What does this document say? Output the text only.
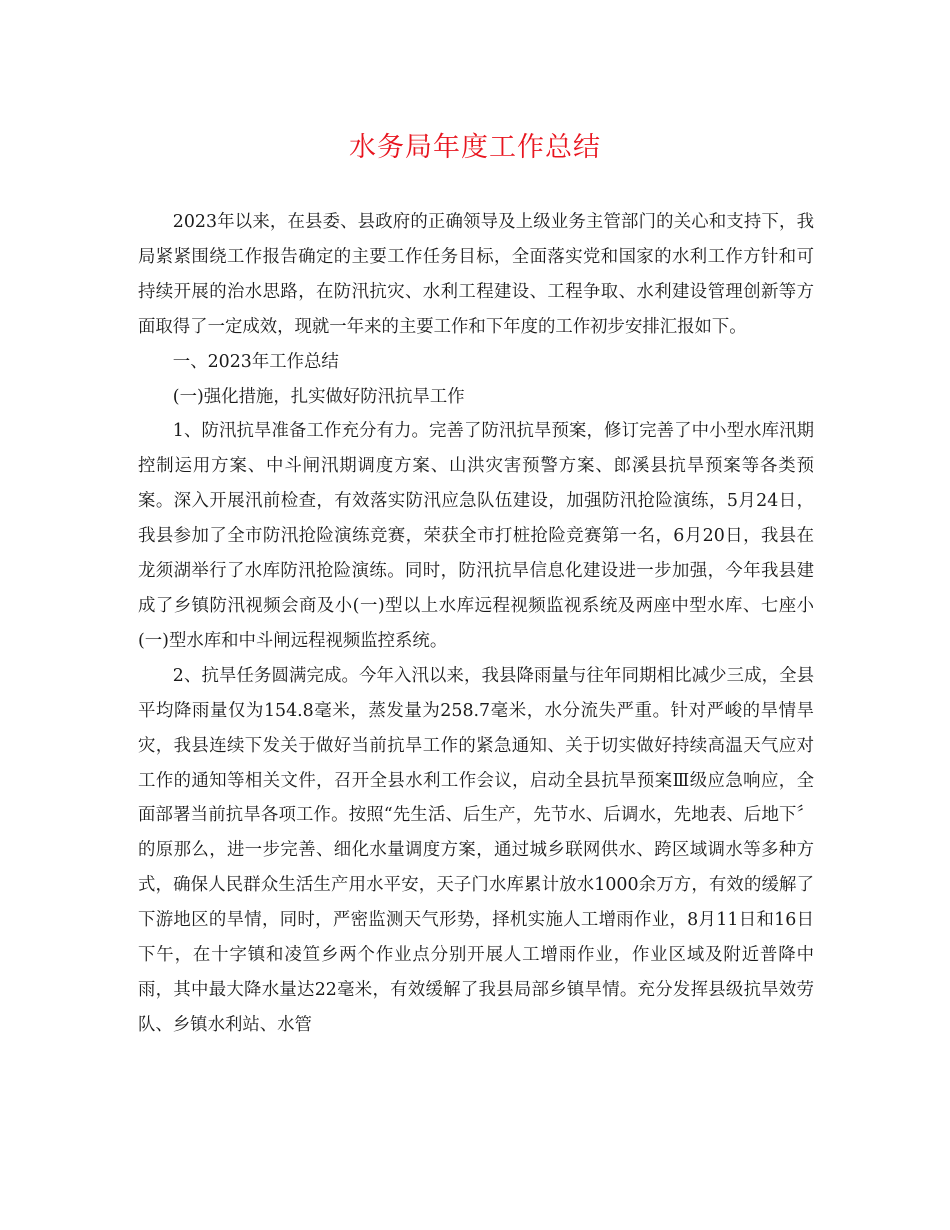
水务局年度工作总结

2023年以来，在县委、县政府的正确领导及上级业务主管部门的关心和支持下，我局紧紧围绕工作报告确定的主要工作任务目标，全面落实党和国家的水利工作方针和可持续开展的治水思路，在防汛抗灾、水利工程建设、工程争取、水利建设管理创新等方面取得了一定成效，现就一年来的主要工作和下年度的工作初步安排汇报如下。

一、2023年工作总结

(一)强化措施，扎实做好防汛抗旱工作

1、防汛抗旱准备工作充分有力。完善了防汛抗旱预案，修订完善了中小型水库汛期控制运用方案、中斗闸汛期调度方案、山洪灾害预警方案、郎溪县抗旱预案等各类预案。深入开展汛前检查，有效落实防汛应急队伍建设，加强防汛抢险演练，5月24日，我县参加了全市防汛抢险演练竞赛，荣获全市打桩抢险竞赛第一名，6月20日，我县在龙须湖举行了水库防汛抢险演练。同时，防汛抗旱信息化建设进一步加强，今年我县建成了乡镇防汛视频会商及小(一)型以上水库远程视频监视系统及两座中型水库、七座小(一)型水库和中斗闸远程视频监控系统。

2、抗旱任务圆满完成。今年入汛以来，我县降雨量与往年同期相比减少三成，全县平均降雨量仅为154.8毫米，蒸发量为258.7毫米，水分流失严重。针对严峻的旱情旱灾，我县连续下发关于做好当前抗旱工作的紧急通知、关于切实做好持续高温天气应对工作的通知等相关文件，召开全县水利工作会议，启动全县抗旱预案Ⅲ级应急响应，全面部署当前抗旱各项工作。按照“先生活、后生产，先节水、后调水，先地表、后地下〞的原那么，进一步完善、细化水量调度方案，通过城乡联网供水、跨区域调水等多种方式，确保人民群众生活生产用水平安，天子门水库累计放水1000余万方，有效的缓解了下游地区的旱情，同时，严密监测天气形势，择机实施人工增雨作业，8月11日和16日下午，在十字镇和凌笪乡两个作业点分别开展人工增雨作业，作业区域及附近普降中雨，其中最大降水量达22毫米，有效缓解了我县局部乡镇旱情。充分发挥县级抗旱效劳队、乡镇水利站、水管
